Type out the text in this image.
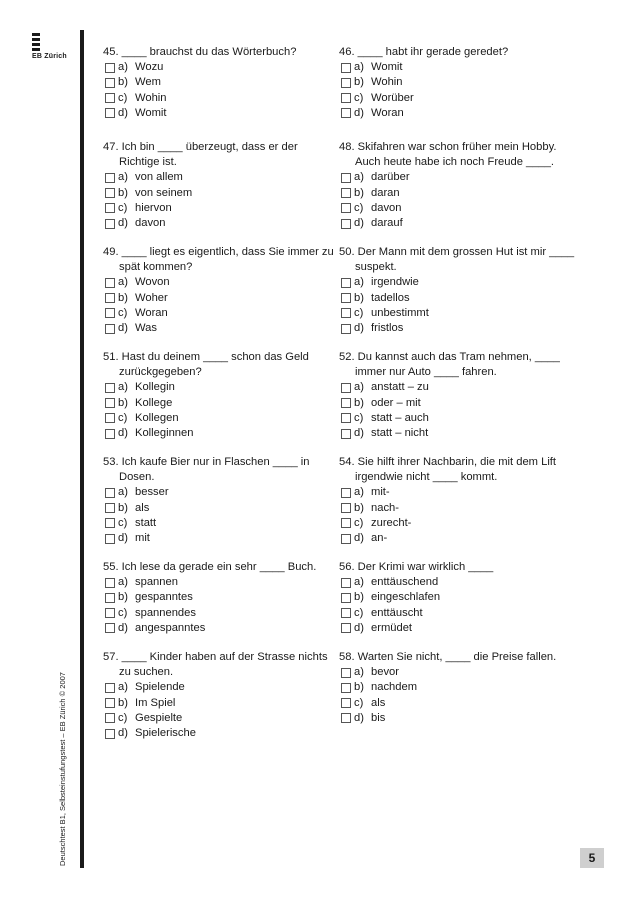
EB Zürich
Deutschtest B1, Selbsteinstufungstest – EB Zürich © 2007
45. ____ brauchst du das Wörterbuch?
a) Wozu
b) Wem
c) Wohin
d) Womit
46. ____ habt ihr gerade geredet?
a) Womit
b) Wohin
c) Worüber
d) Woran
47. Ich bin ____ überzeugt, dass er der Richtige ist.
a) von allem
b) von seinem
c) hiervon
d) davon
48. Skifahren war schon früher mein Hobby. Auch heute habe ich noch Freude ____.
a) darüber
b) daran
c) davon
d) darauf
49. ____ liegt es eigentlich, dass Sie immer zu spät kommen?
a) Wovon
b) Woher
c) Woran
d) Was
50. Der Mann mit dem grossen Hut ist mir ____ suspekt.
a) irgendwie
b) tadellos
c) unbestimmt
d) fristlos
51. Hast du deinem ____ schon das Geld zurückgegeben?
a) Kollegin
b) Kollege
c) Kollegen
d) Kolleginnen
52. Du kannst auch das Tram nehmen, ____ immer nur Auto ____ fahren.
a) anstatt – zu
b) oder – mit
c) statt – auch
d) statt – nicht
53. Ich kaufe Bier nur in Flaschen ____ in Dosen.
a) besser
b) als
c) statt
d) mit
54. Sie hilft ihrer Nachbarin, die mit dem Lift irgendwie nicht ____ kommt.
a) mit-
b) nach-
c) zurecht-
d) an-
55. Ich lese da gerade ein sehr ____ Buch.
a) spannen
b) gespanntes
c) spannendes
d) angespanntes
56. Der Krimi war wirklich ____
a) enttäuschend
b) eingeschlafen
c) enttäuscht
d) ermüdet
57. ____ Kinder haben auf der Strasse nichts zu suchen.
a) Spielende
b) Im Spiel
c) Gespielte
d) Spielerische
58. Warten Sie nicht, ____ die Preise fallen.
a) bevor
b) nachdem
c) als
d) bis
5
